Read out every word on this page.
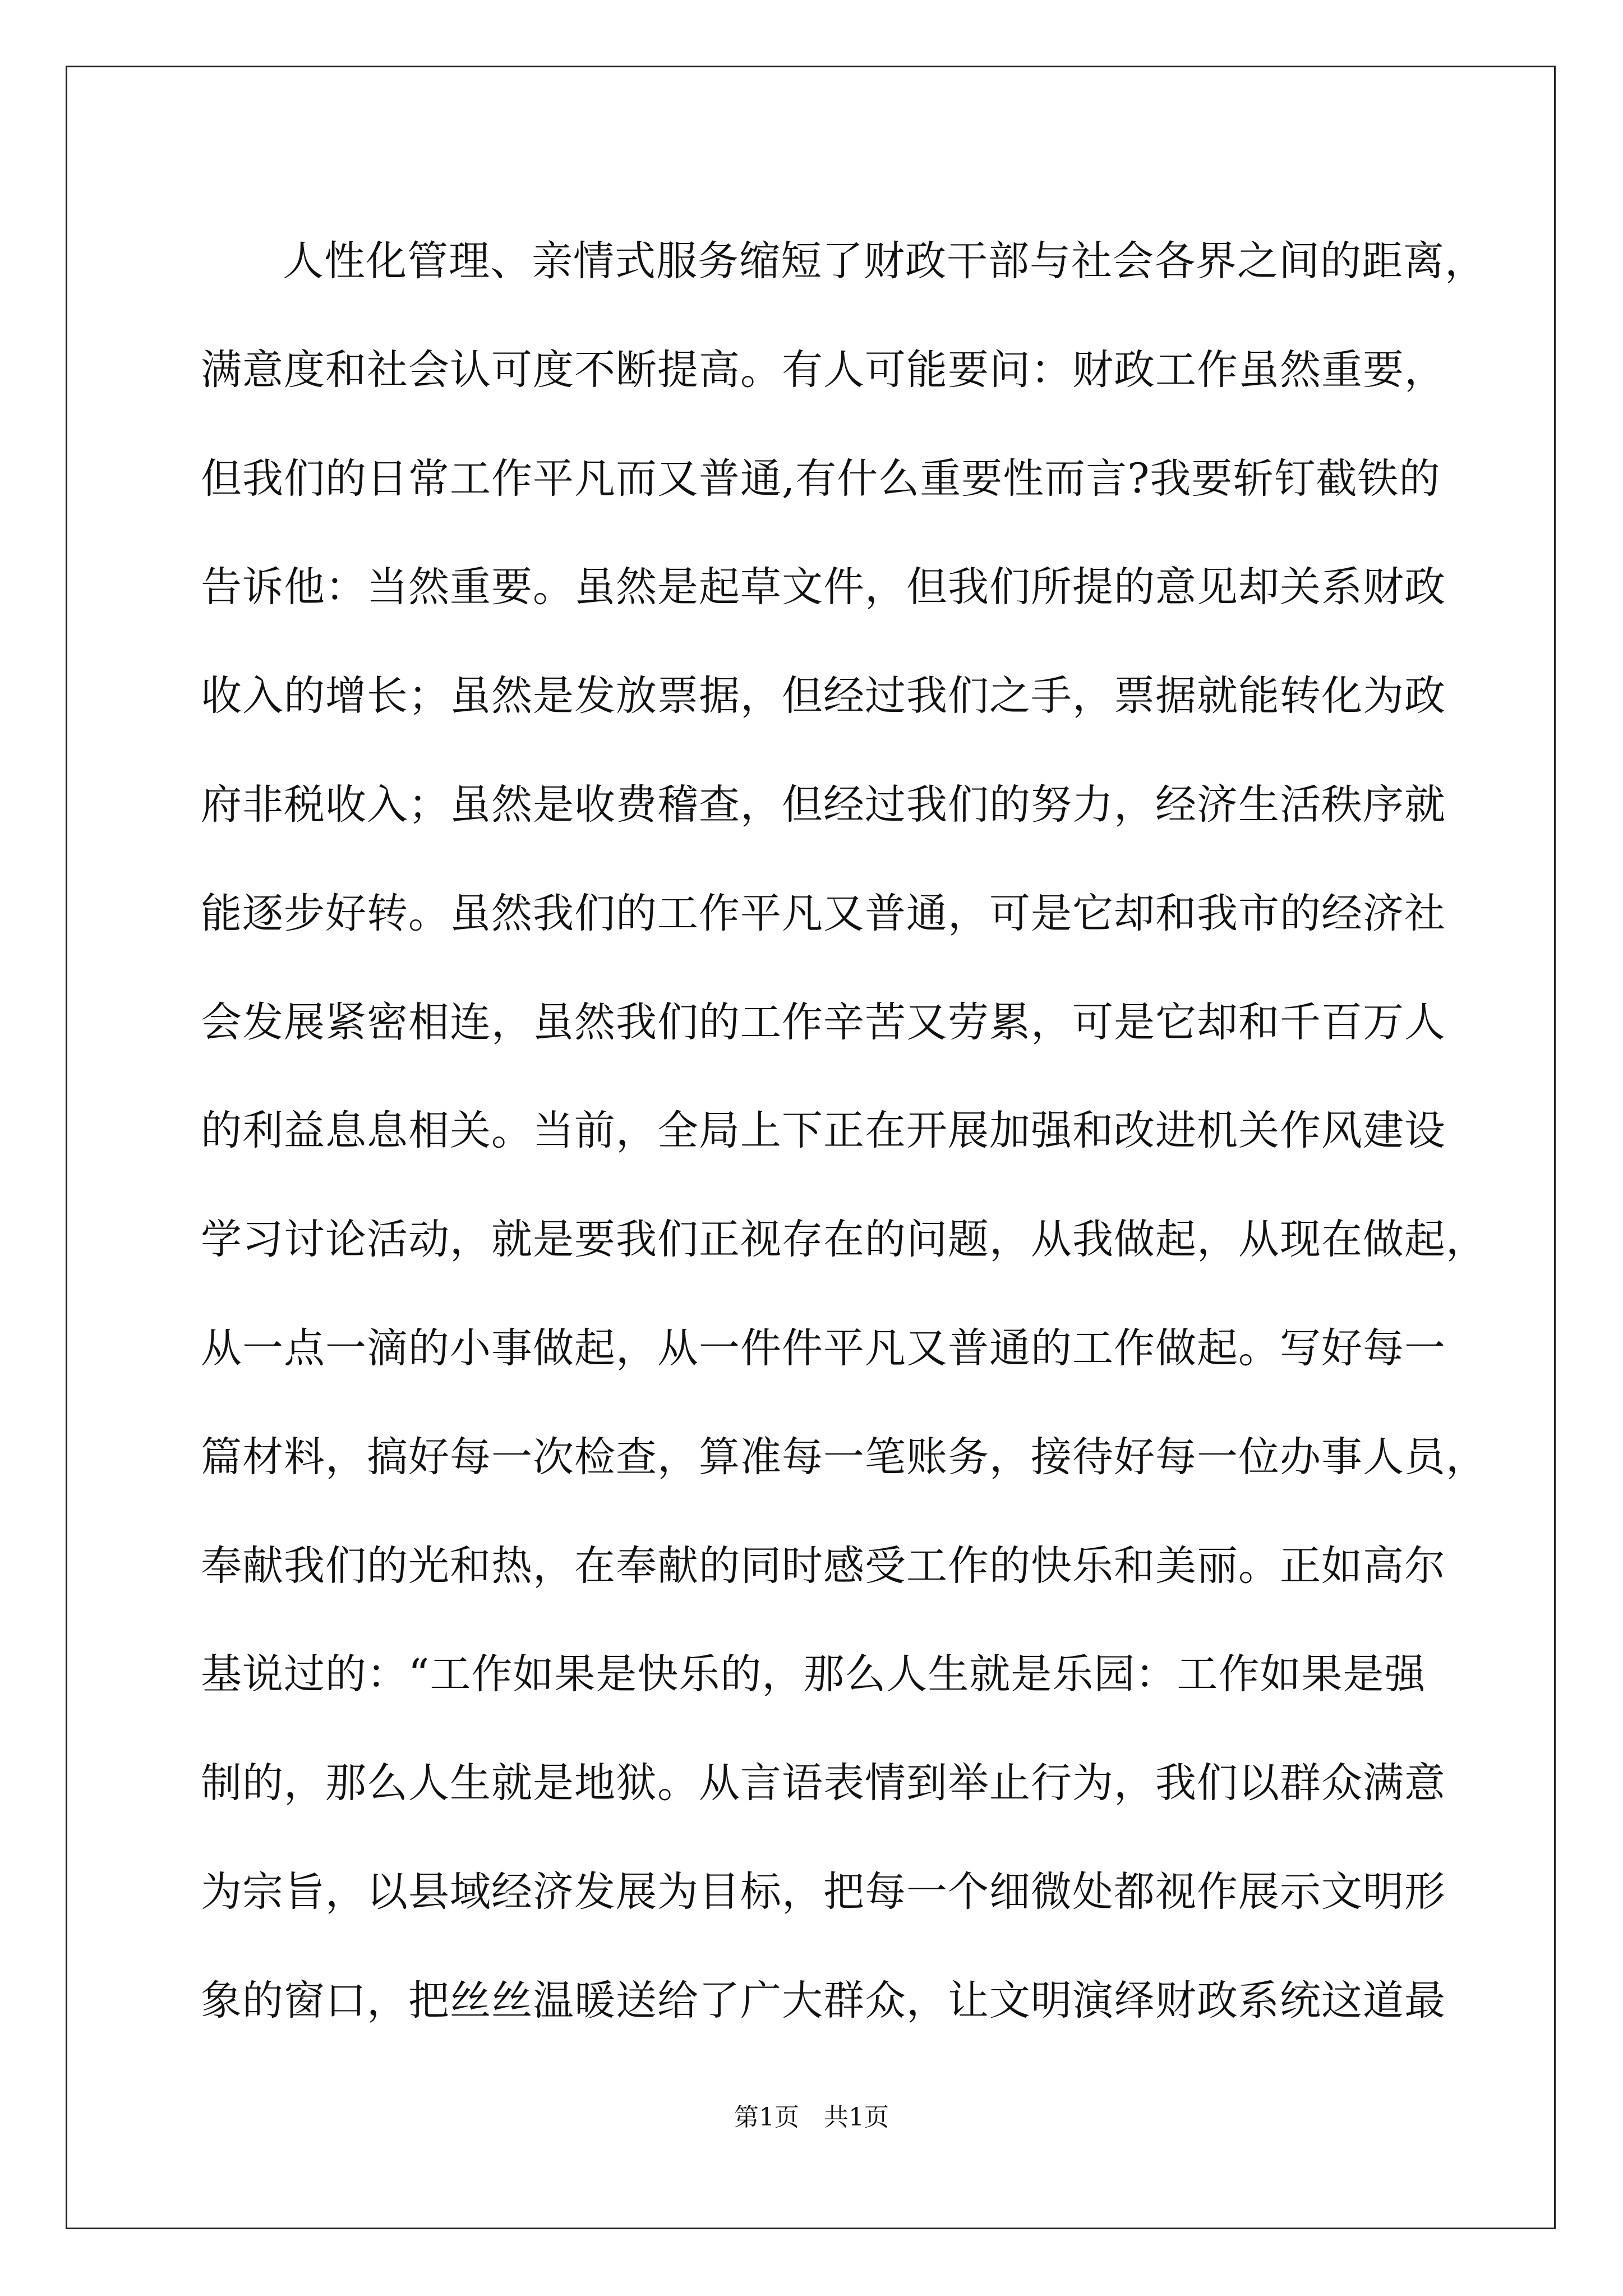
人性化管理、亲情式服务缩短了财政干部与社会各界之间的距离，
满意度和社会认可度不断提高。有人可能要问：财政工作虽然重要，
但我们的日常工作平凡而又普通,有什么重要性而言?我要斩钉截铁的
告诉他：当然重要。虽然是起草文件，但我们所提的意见却关系财政
收入的增长；虽然是发放票据，但经过我们之手，票据就能转化为政
府非税收入；虽然是收费稽查，但经过我们的努力，经济生活秩序就
能逐步好转。虽然我们的工作平凡又普通，可是它却和我市的经济社
会发展紧密相连，虽然我们的工作辛苦又劳累，可是它却和千百万人
的利益息息相关。当前，全局上下正在开展加强和改进机关作风建设
学习讨论活动，就是要我们正视存在的问题，从我做起，从现在做起，
从一点一滴的小事做起，从一件件平凡又普通的工作做起。写好每一
篇材料，搞好每一次检查，算准每一笔账务，接待好每一位办事人员，
奉献我们的光和热，在奉献的同时感受工作的快乐和美丽。正如高尔
基说过的：“工作如果是快乐的，那么人生就是乐园：工作如果是强
制的，那么人生就是地狱。从言语表情到举止行为，我们以群众满意
为宗旨，以县域经济发展为目标，把每一个细微处都视作展示文明形
象的窗口，把丝丝温暖送给了广大群众，让文明演绎财政系统这道最
第1页 共1页
